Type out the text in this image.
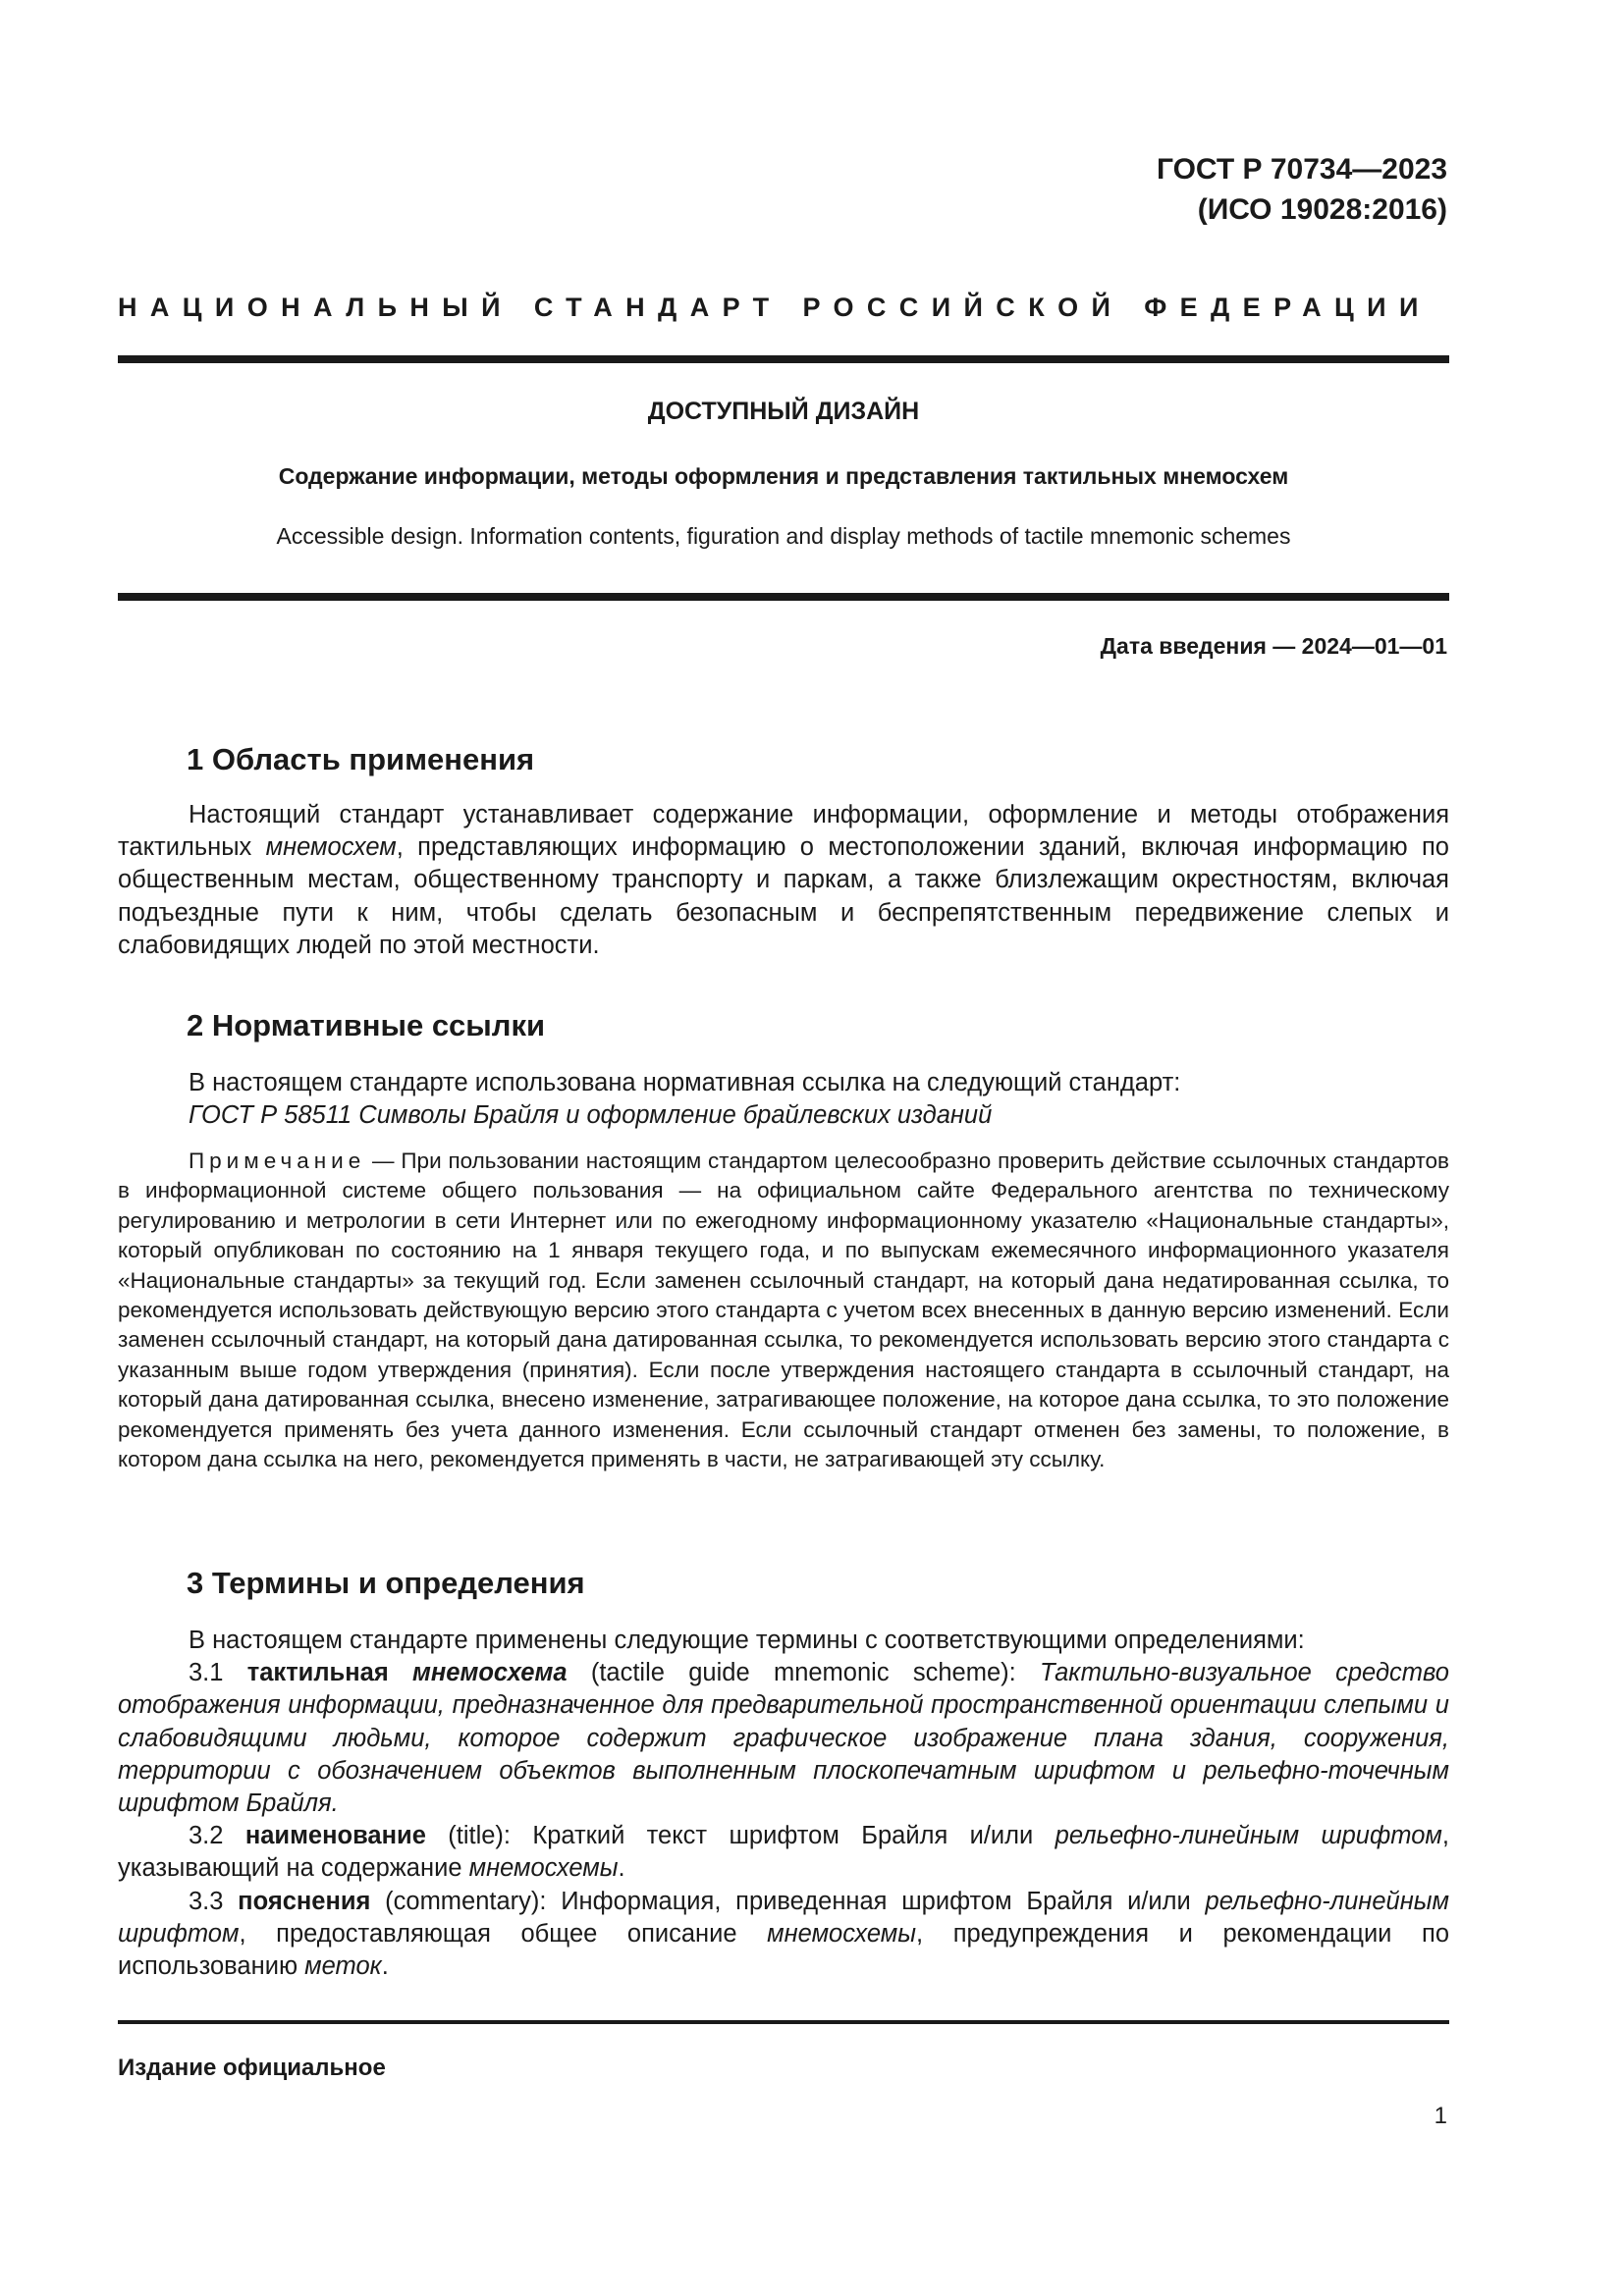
ГОСТ Р 70734—2023
(ИСО 19028:2016)
НАЦИОНАЛЬНЫЙ СТАНДАРТ РОССИЙСКОЙ ФЕДЕРАЦИИ
ДОСТУПНЫЙ ДИЗАЙН
Содержание информации, методы оформления и представления тактильных мнемосхем
Accessible design. Information contents, figuration and display methods of tactile mnemonic schemes
Дата введения — 2024—01—01
1 Область применения

Настоящий стандарт устанавливает содержание информации, оформление и методы отображения тактильных мнемосхем, представляющих информацию о местоположении зданий, включая информацию по общественным местам, общественному транспорту и паркам, а также близлежащим окрестностям, включая подъездные пути к ним, чтобы сделать безопасным и беспрепятственным передвижение слепых и слабовидящих людей по этой местности.

2 Нормативные ссылки

В настоящем стандарте использована нормативная ссылка на следующий стандарт:

ГОСТ Р 58511 Символы Брайля и оформление брайлевских изданий

Примечание — При пользовании настоящим стандартом целесообразно проверить действие ссылочных стандартов в информационной системе общего пользования — на официальном сайте Федерального агентства по техническому регулированию и метрологии в сети Интернет или по ежегодному информационному указателю «Национальные стандарты», который опубликован по состоянию на 1 января текущего года, и по выпускам ежемесячного информационного указателя «Национальные стандарты» за текущий год. Если заменен ссылочный стандарт, на который дана недатированная ссылка, то рекомендуется использовать действующую версию этого стандарта с учетом всех внесенных в данную версию изменений. Если заменен ссылочный стандарт, на который дана датированная ссылка, то рекомендуется использовать версию этого стандарта с указанным выше годом утверждения (принятия). Если после утверждения настоящего стандарта в ссылочный стандарт, на который дана датированная ссылка, внесено изменение, затрагивающее положение, на которое дана ссылка, то это положение рекомендуется применять без учета данного изменения. Если ссылочный стандарт отменен без замены, то положение, в котором дана ссылка на него, рекомендуется применять в части, не затрагивающей эту ссылку.

3 Термины и определения

В настоящем стандарте применены следующие термины с соответствующими определениями:

3.1 тактильная мнемосхема (tactile guide mnemonic scheme): Тактильно-визуальное средство отображения информации, предназначенное для предварительной пространственной ориентации слепыми и слабовидящими людьми, которое содержит графическое изображение плана здания, сооружения, территории с обозначением объектов выполненным плоскопечатным шрифтом и рельефно-точечным шрифтом Брайля.

3.2 наименование (title): Краткий текст шрифтом Брайля и/или рельефно-линейным шрифтом, указывающий на содержание мнемосхемы.

3.3 пояснения (commentary): Информация, приведенная шрифтом Брайля и/или рельефно-линейным шрифтом, предоставляющая общее описание мнемосхемы, предупреждения и рекомендации по использованию меток.

Издание официальное
1
